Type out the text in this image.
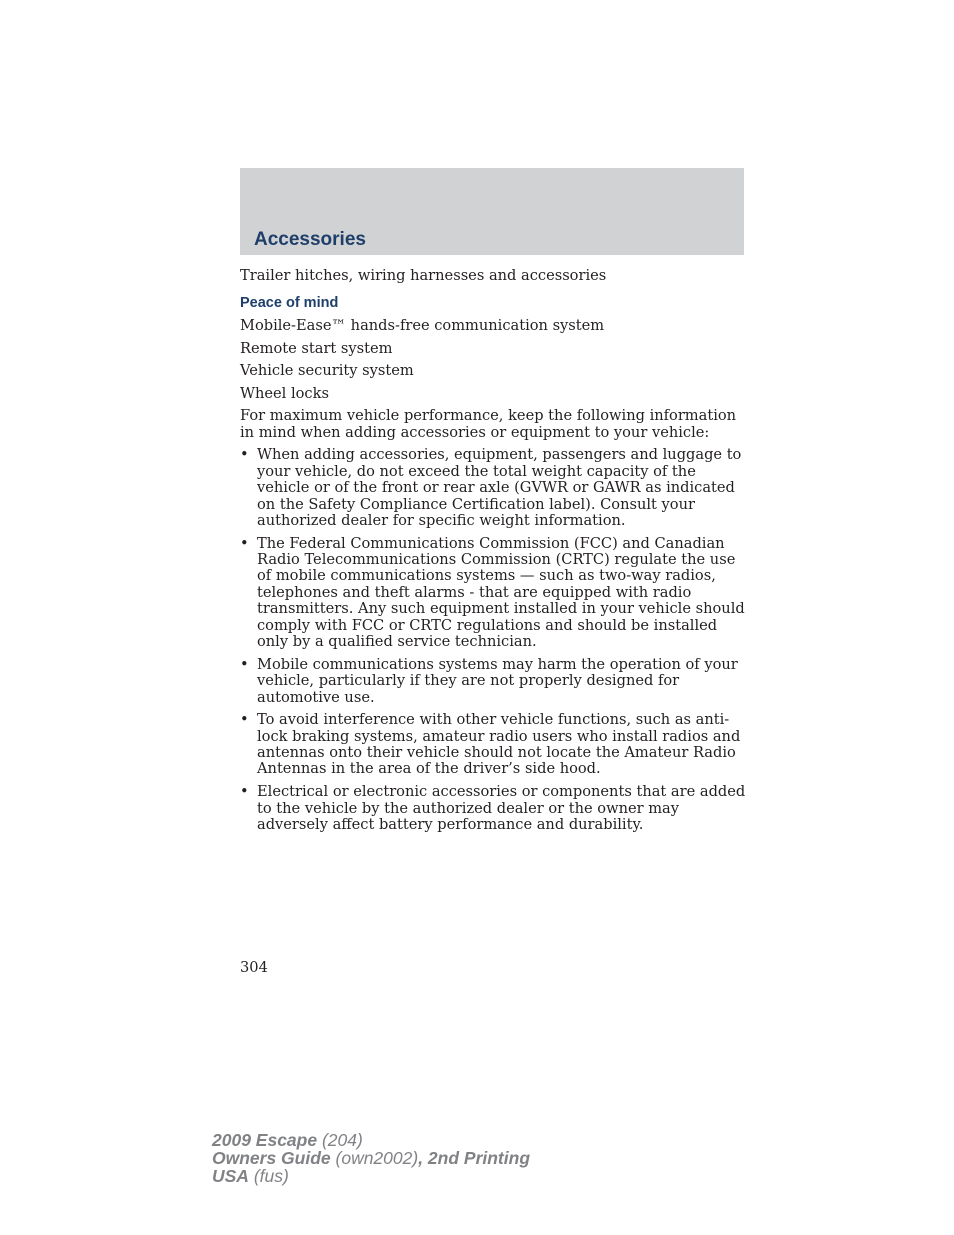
Accessories

Trailer hitches, wiring harnesses and accessories

Peace of mind

Mobile-Ease™ hands-free communication system

Remote start system

Vehicle security system

Wheel locks

For maximum vehicle performance, keep the following information in mind when adding accessories or equipment to your vehicle:

• When adding accessories, equipment, passengers and luggage to your vehicle, do not exceed the total weight capacity of the vehicle or of the front or rear axle (GVWR or GAWR as indicated on the Safety Compliance Certification label). Consult your authorized dealer for specific weight information.
• The Federal Communications Commission (FCC) and Canadian Radio Telecommunications Commission (CRTC) regulate the use of mobile communications systems — such as two-way radios, telephones and theft alarms - that are equipped with radio transmitters. Any such equipment installed in your vehicle should comply with FCC or CRTC regulations and should be installed only by a qualified service technician.
• Mobile communications systems may harm the operation of your vehicle, particularly if they are not properly designed for automotive use.
• To avoid interference with other vehicle functions, such as anti-lock braking systems, amateur radio users who install radios and antennas onto their vehicle should not locate the Amateur Radio Antennas in the area of the driver’s side hood.
• Electrical or electronic accessories or components that are added to the vehicle by the authorized dealer or the owner may adversely affect battery performance and durability.
304
2009 Escape (204)
Owners Guide (own2002), 2nd Printing
USA (fus)
